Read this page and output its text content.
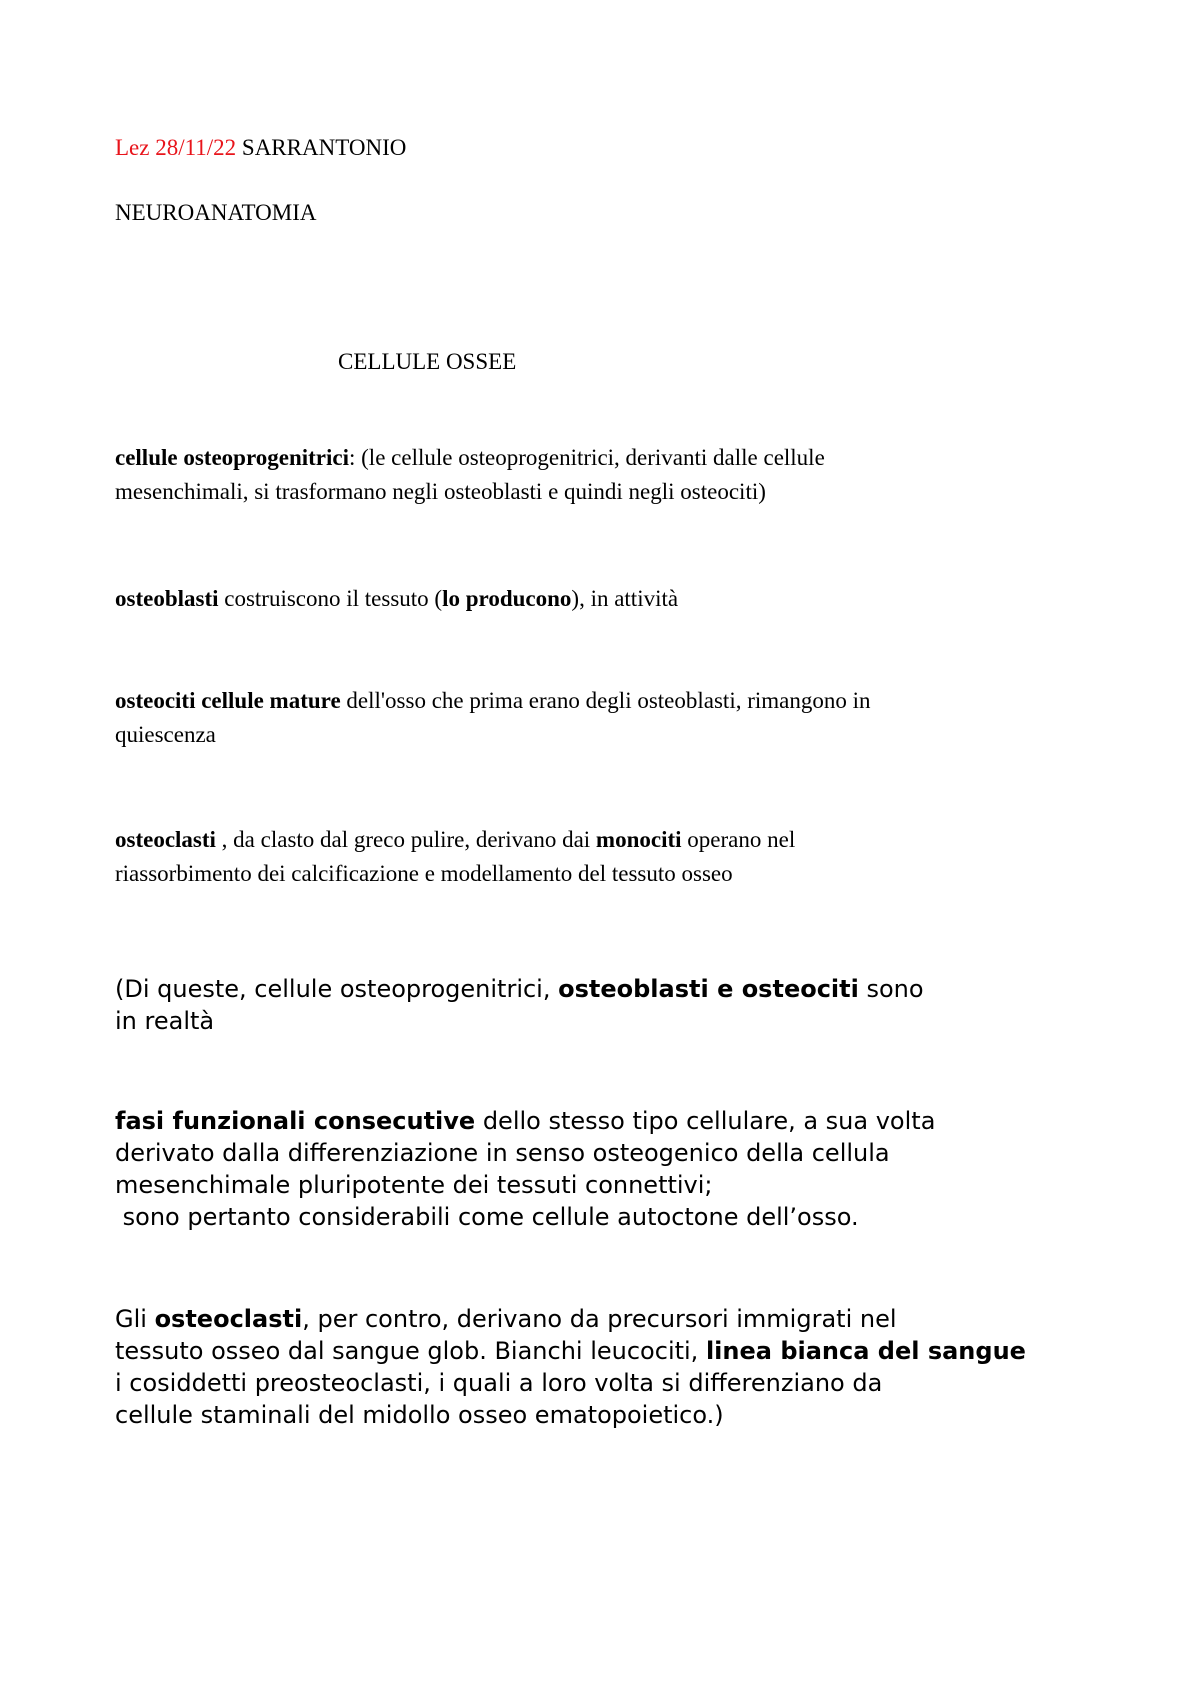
Lez 28/11/22 SARRANTONIO

NEUROANATOMIA

CELLULE OSSEE

cellule osteoprogenitrici: (le cellule osteoprogenitrici, derivanti dalle cellule
mesenchimali, si trasformano negli osteoblasti e quindi negli osteociti)

osteoblasti costruiscono il tessuto (lo producono), in attività

osteociti cellule mature dell'osso che prima erano degli osteoblasti, rimangono in
quiescenza

osteoclasti , da clasto dal greco pulire, derivano dai monociti operano nel
riassorbimento dei calcificazione e modellamento del tessuto osseo

(Di queste, cellule osteoprogenitrici, osteoblasti e osteociti sono
in realtà

fasi funzionali consecutive dello stesso tipo cellulare, a sua volta
derivato dalla differenziazione in senso osteogenico della cellula
mesenchimale pluripotente dei tessuti connettivi;
sono pertanto considerabili come cellule autoctone dell’osso.

Gli osteoclasti, per contro, derivano da precursori immigrati nel
tessuto osseo dal sangue glob. Bianchi leucociti, linea bianca del sangue
i cosiddetti preosteoclasti, i quali a loro volta si differenziano da
cellule staminali del midollo osseo ematopoietico.)
